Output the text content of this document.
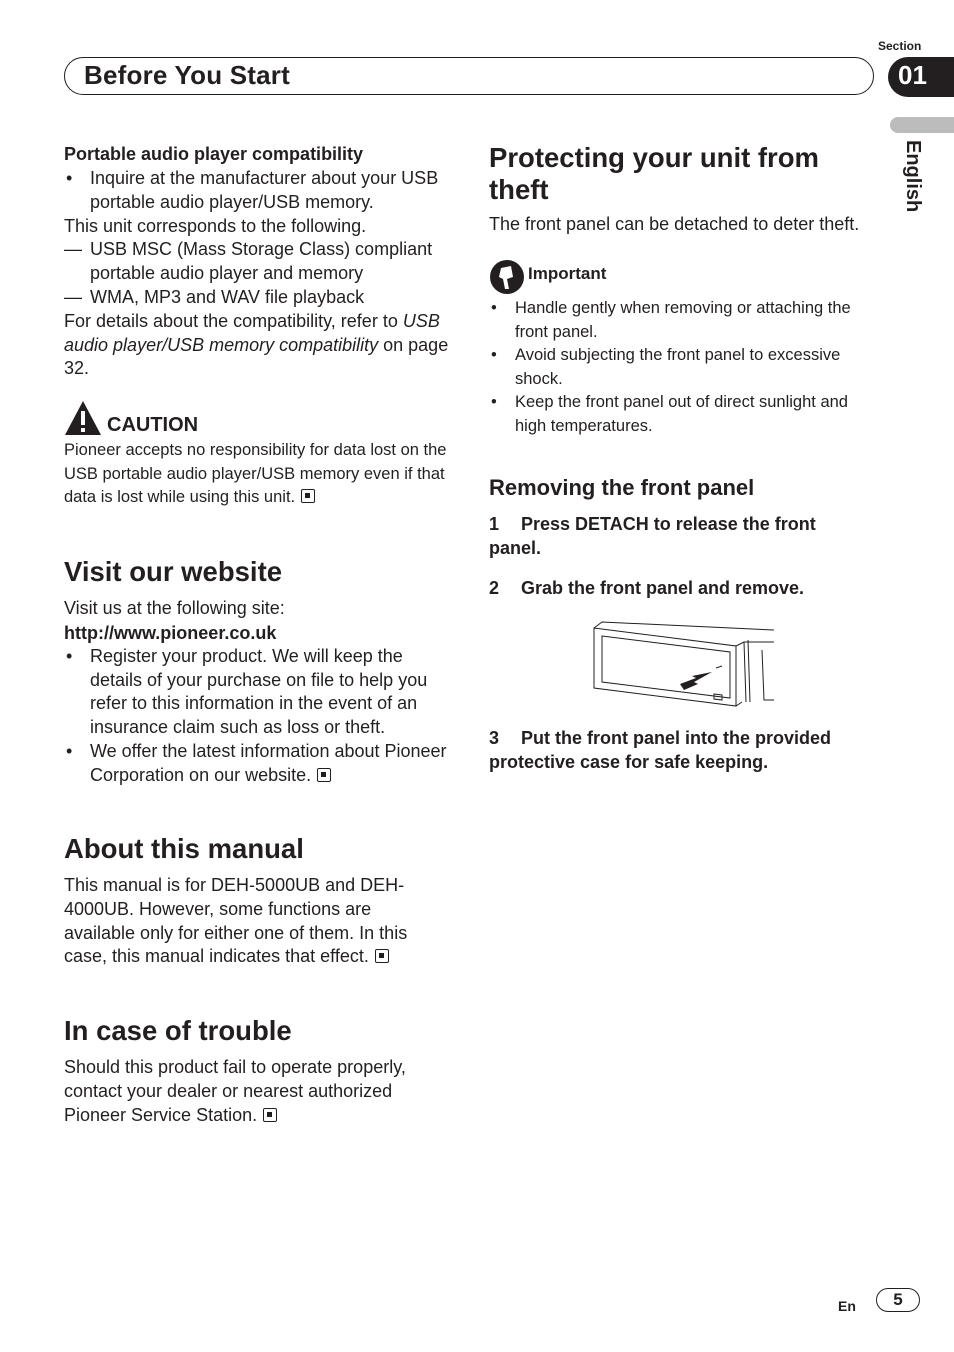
Section
Before You Start	01
English
Portable audio player compatibility
• Inquire at the manufacturer about your USB portable audio player/USB memory.
This unit corresponds to the following.
— USB MSC (Mass Storage Class) compliant portable audio player and memory
— WMA, MP3 and WAV file playback
For details about the compatibility, refer to USB audio player/USB memory compatibility on page 32.
CAUTION
Pioneer accepts no responsibility for data lost on the USB portable audio player/USB memory even if that data is lost while using this unit.
Visit our website
Visit us at the following site:
http://www.pioneer.co.uk
• Register your product. We will keep the details of your purchase on file to help you refer to this information in the event of an insurance claim such as loss or theft.
• We offer the latest information about Pioneer Corporation on our website.
About this manual
This manual is for DEH-5000UB and DEH-4000UB. However, some functions are available only for either one of them. In this case, this manual indicates that effect.
In case of trouble
Should this product fail to operate properly, contact your dealer or nearest authorized Pioneer Service Station.
Protecting your unit from theft
The front panel can be detached to deter theft.
Important
• Handle gently when removing or attaching the front panel.
• Avoid subjecting the front panel to excessive shock.
• Keep the front panel out of direct sunlight and high temperatures.
Removing the front panel
1 Press DETACH to release the front panel.
2 Grab the front panel and remove.
3 Put the front panel into the provided protective case for safe keeping.
En	5
